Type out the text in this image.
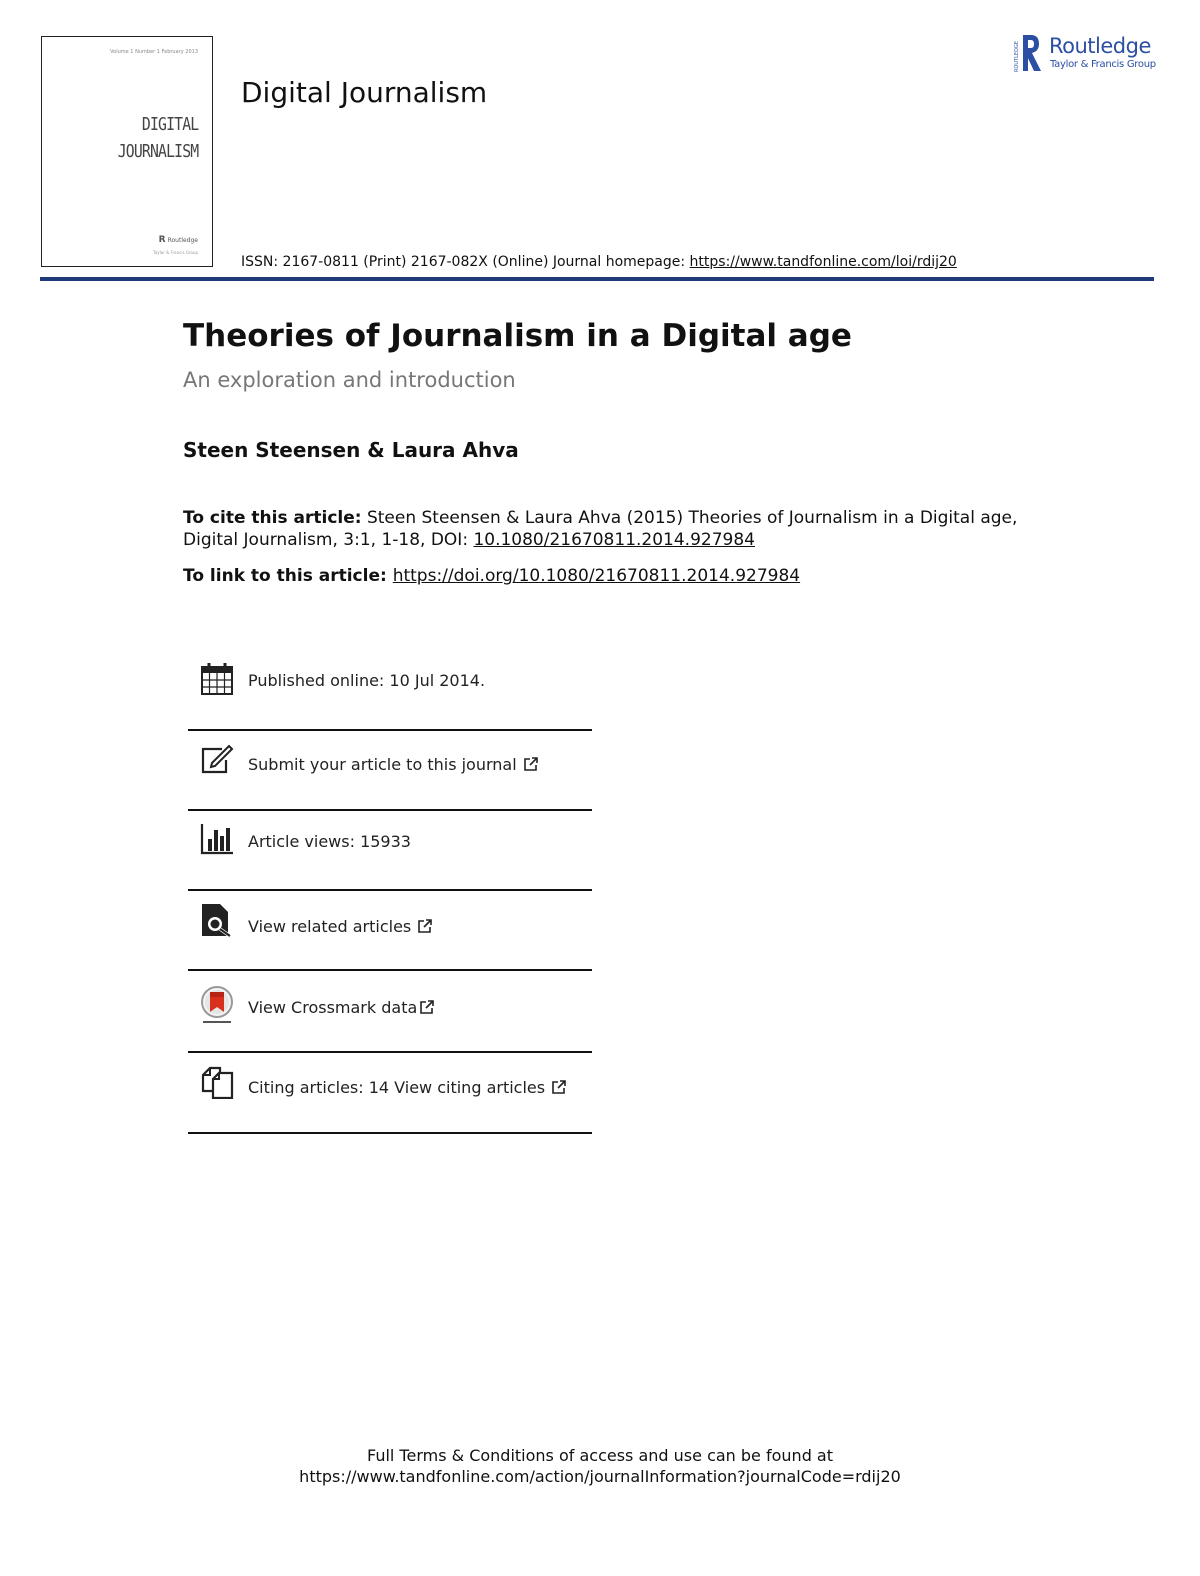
Volume 1 Number 1 February 2013
DIGITAL
JOURNALISM
R Routledge
Taylor & Francis Group
Digital Journalism
ROUTLEDGE Routledge
Taylor & Francis Group
ISSN: 2167-0811 (Print) 2167-082X (Online) Journal homepage: https://www.tandfonline.com/loi/rdij20
Theories of Journalism in a Digital age
An exploration and introduction
Steen Steensen & Laura Ahva
To cite this article: Steen Steensen & Laura Ahva (2015) Theories of Journalism in a Digital age,
Digital Journalism, 3:1, 1-18, DOI: 10.1080/21670811.2014.927984
To link to this article: https://doi.org/10.1080/21670811.2014.927984
Published online: 10 Jul 2014.
Submit your article to this journal
Article views: 15933
View related articles
View Crossmark data
Citing articles: 14 View citing articles
Full Terms & Conditions of access and use can be found at
https://www.tandfonline.com/action/journalInformation?journalCode=rdij20
